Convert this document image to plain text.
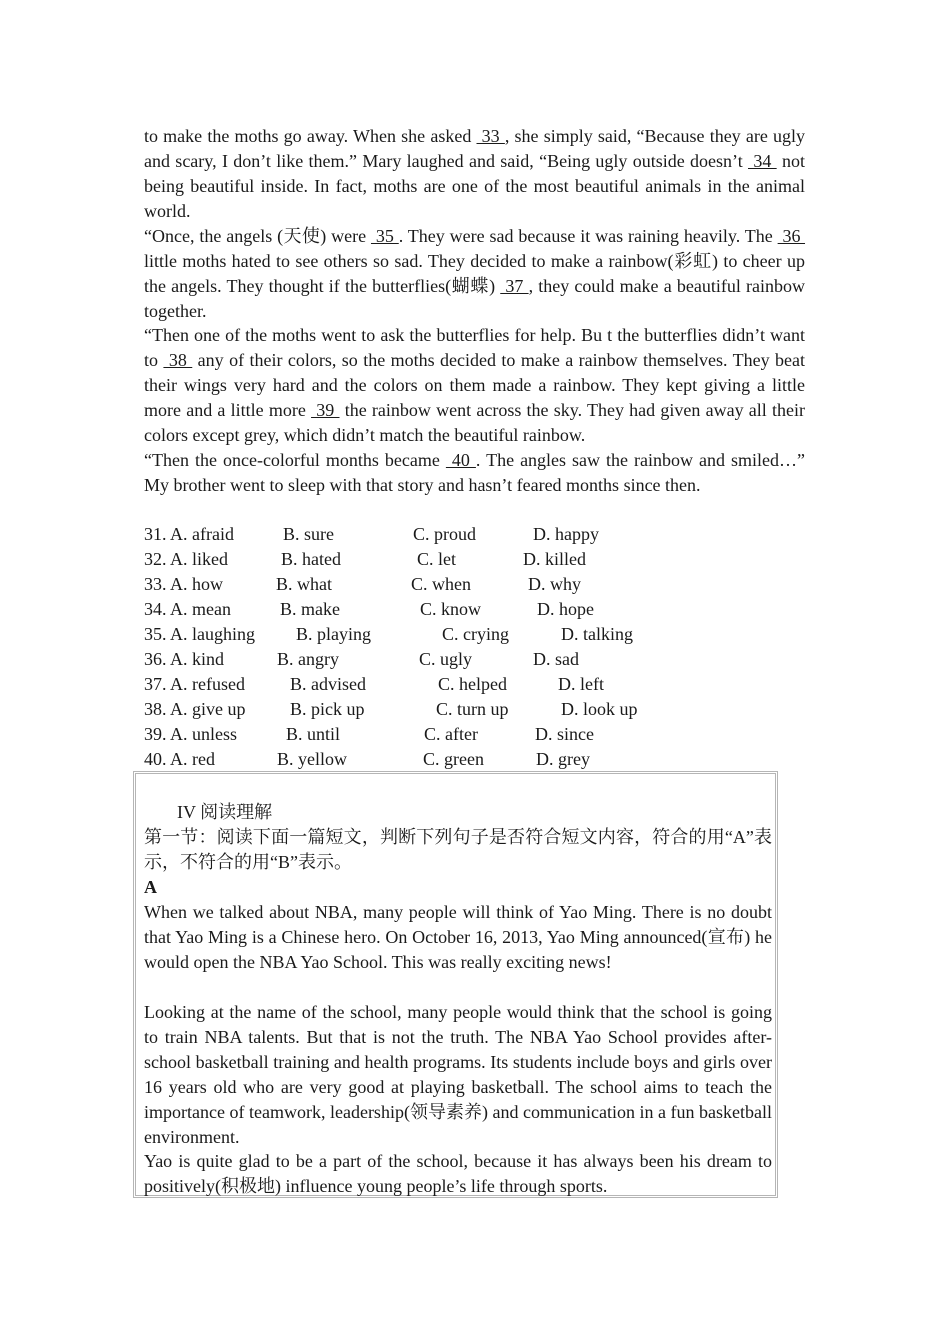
to make the moths go away. When she asked  33 , she simply said, “Because they are ugly and scary, I don’t like them.” Mary laughed and said, “Being ugly outside doesn’t  34  not being beautiful inside. In fact, moths are one of the most beautiful animals in the animal world.

“Once, the angels (天使) were  35 . They were sad because it was raining heavily. The  36  little moths hated to see others so sad. They decided to make a rainbow(彩虹) to cheer up the angels. They thought if the butterflies(蝴蝶)  37 , they could make a beautiful rainbow together.

“Then one of the moths went to ask the butterflies for help. Bu t the butterflies didn’t want to  38  any of their colors, so the moths decided to make a rainbow themselves. They beat their wings very hard and the colors on them made a rainbow. They kept giving a little more and a little more  39  the rainbow went across the sky. They had given away all their colors except grey, which didn’t match the beautiful rainbow.

“Then the once-colorful months became  40 . The angles saw the rainbow and smiled…” My brother went to sleep with that story and hasn’t feared months since then.

31. A. afraid	B. sure	C. proud	D. happy
32. A. liked	B. hated	C. let	D. killed
33. A. how	B. what	C. when	D. why
34. A. mean	B. make	C. know	D. hope
35. A. laughing B. playing	C. crying	D. talking
36. A. kind	B. angry	C. ugly	D. sad
37. A. refused	B. advised	C. helped	D. left
38. A. give up B. pick up	C. turn up	D. look up
39. A. unless	B. until	C. after	D. since
40. A. red	B. yellow	C. green	D. grey

IV 阅读理解

第一节：阅读下面一篇短文，判断下列句子是否符合短文内容，符合的用“A”表示，不符合的用“B”表示。

A

When we talked about NBA, many people will think of Yao Ming. There is no doubt that Yao Ming is a Chinese hero. On October 16, 2013, Yao Ming announced(宣布) he would open the NBA Yao School. This was really exciting news!

Looking at the name of the school, many people would think that the school is going to train NBA talents. But that is not the truth. The NBA Yao School provides after-school basketball training and health programs. Its students include boys and girls over 16 years old who are very good at playing basketball. The school aims to teach the importance of teamwork, leadership(领导素养) and communication in a fun basketball environment.

Yao is quite glad to be a part of the school, because it has always been his dream to positively(积极地) influence young people’s life through sports.
